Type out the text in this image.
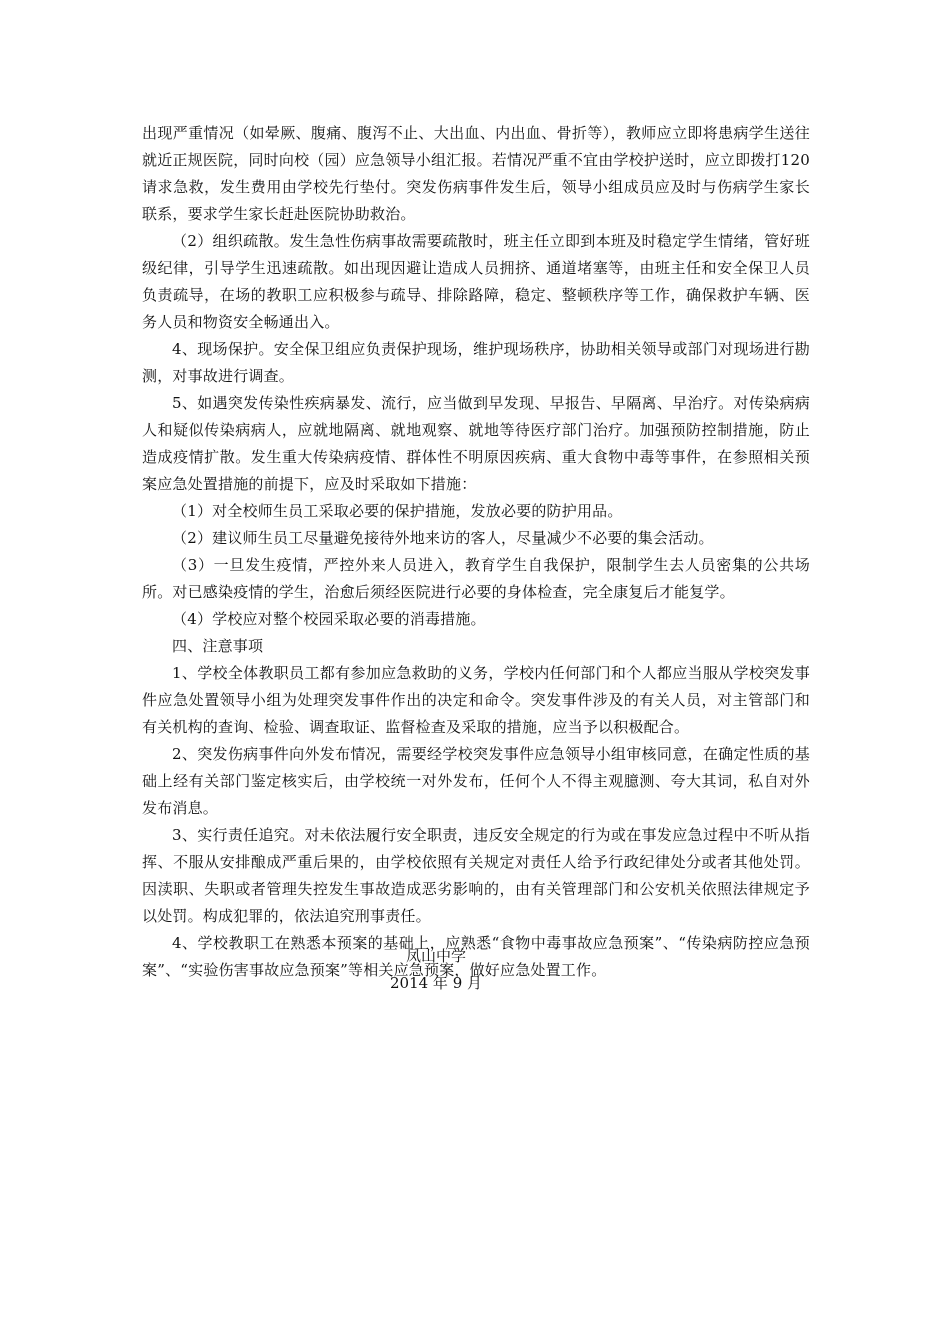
出现严重情况（如晕厥、腹痛、腹泻不止、大出血、内出血、骨折等），教师应立即将患病学生送往就近正规医院，同时向校（园）应急领导小组汇报。若情况严重不宜由学校护送时，应立即拨打120请求急救，发生费用由学校先行垫付。突发伤病事件发生后，领导小组成员应及时与伤病学生家长联系，要求学生家长赶赴医院协助救治。

（2）组织疏散。发生急性伤病事故需要疏散时，班主任立即到本班及时稳定学生情绪，管好班级纪律，引导学生迅速疏散。如出现因避让造成人员拥挤、通道堵塞等，由班主任和安全保卫人员负责疏导，在场的教职工应积极参与疏导、排除路障，稳定、整顿秩序等工作，确保救护车辆、医务人员和物资安全畅通出入。

4、现场保护。安全保卫组应负责保护现场，维护现场秩序，协助相关领导或部门对现场进行勘测，对事故进行调查。

5、如遇突发传染性疾病暴发、流行，应当做到早发现、早报告、早隔离、早治疗。对传染病病人和疑似传染病病人，应就地隔离、就地观察、就地等待医疗部门治疗。加强预防控制措施，防止造成疫情扩散。发生重大传染病疫情、群体性不明原因疾病、重大食物中毒等事件，在参照相关预案应急处置措施的前提下，应及时采取如下措施：

（1）对全校师生员工采取必要的保护措施，发放必要的防护用品。

（2）建议师生员工尽量避免接待外地来访的客人，尽量减少不必要的集会活动。

（3）一旦发生疫情，严控外来人员进入，教育学生自我保护，限制学生去人员密集的公共场所。对已感染疫情的学生，治愈后须经医院进行必要的身体检查，完全康复后才能复学。

（4）学校应对整个校园采取必要的消毒措施。

四、注意事项

1、学校全体教职员工都有参加应急救助的义务，学校内任何部门和个人都应当服从学校突发事件应急处置领导小组为处理突发事件作出的决定和命令。突发事件涉及的有关人员，对主管部门和有关机构的查询、检验、调查取证、监督检查及采取的措施，应当予以积极配合。

2、突发伤病事件向外发布情况，需要经学校突发事件应急领导小组审核同意，在确定性质的基础上经有关部门鉴定核实后，由学校统一对外发布，任何个人不得主观臆测、夸大其词，私自对外发布消息。

3、实行责任追究。对未依法履行安全职责，违反安全规定的行为或在事发应急过程中不听从指挥、不服从安排酿成严重后果的，由学校依照有关规定对责任人给予行政纪律处分或者其他处罚。因渎职、失职或者管理失控发生事故造成恶劣影响的，由有关管理部门和公安机关依照法律规定予以处罚。构成犯罪的，依法追究刑事责任。

4、学校教职工在熟悉本预案的基础上，应熟悉“食物中毒事故应急预案”、“传染病防控应急预案”、“实验伤害事故应急预案”等相关应急预案，做好应急处置工作。

凤山中学
2014 年 9 月
